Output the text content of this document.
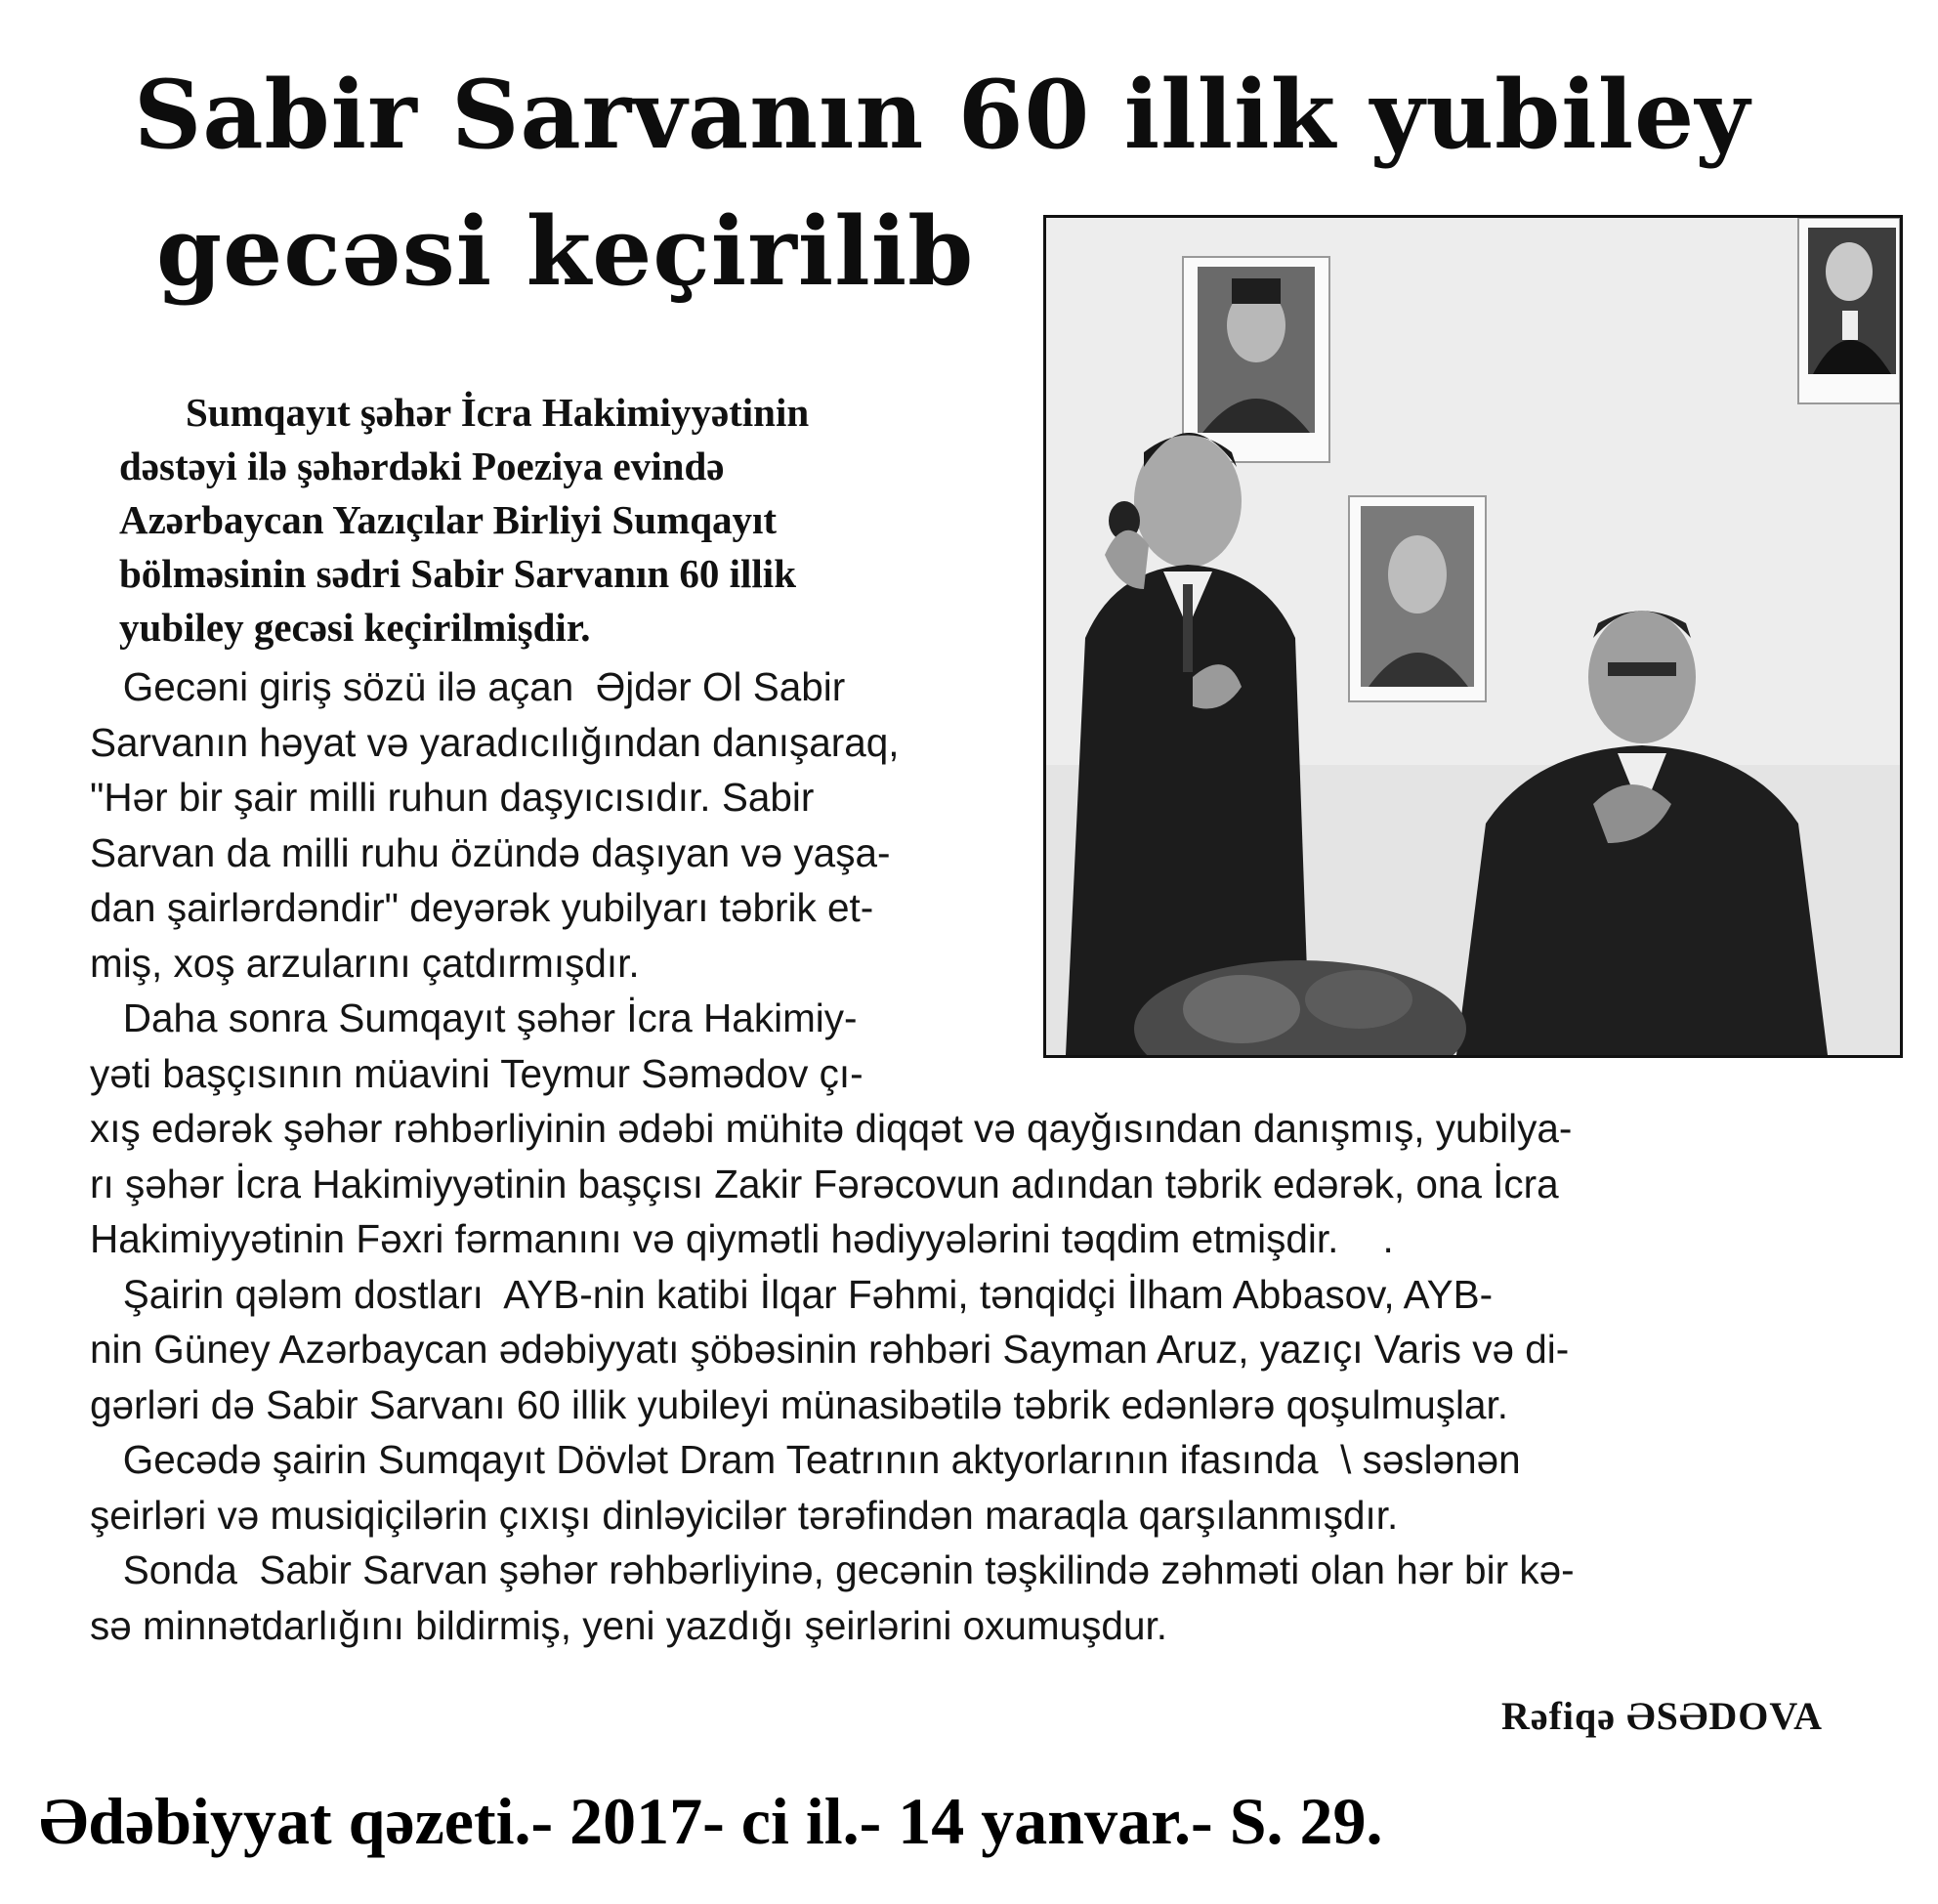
Sabir Sarvanın 60 illik yubiley
gecəsi keçirilib
Sumqayıt şəhər İcra Hakimiyyətinin
dəstəyi ilə şəhərdəki Poeziya evində
Azərbaycan Yazıçılar Birliyi Sumqayıt
bölməsinin sədri Sabir Sarvanın 60 illik
yubiley gecəsi keçirilmişdir.
Gecəni giriş sözü ilə açan  Əjdər Ol Sabir
Sarvanın həyat və yaradıcılığından danışaraq,
"Hər bir şair milli ruhun daşyıcısıdır. Sabir
Sarvan da milli ruhu özündə daşıyan və yaşa-
dan şairlərdəndir" deyərək yubilyarı təbrik et-
miş, xoş arzularını çatdırmışdır.
Daha sonra Sumqayıt şəhər İcra Hakimiy-
yəti başçısının müavini Teymur Səmədov çı-
xış edərək şəhər rəhbərliyinin ədəbi mühitə diqqət və qayğısından danışmış, yubilya-
rı şəhər İcra Hakimiyyətinin başçısı Zakir Fərəcovun adından təbrik edərək, ona İcra
Hakimiyyətinin Fəxri fərmanını və qiymətli hədiyyələrini təqdim etmişdir.    .
Şairin qələm dostları  AYB-nin katibi İlqar Fəhmi, tənqidçi İlham Abbasov, AYB-
nin Güney Azərbaycan ədəbiyyatı şöbəsinin rəhbəri Sayman Aruz, yazıçı Varis və di-
gərləri də Sabir Sarvanı 60 illik yubileyi münasibətilə təbrik edənlərə qoşulmuşlar.
Gecədə şairin Sumqayıt Dövlət Dram Teatrının aktyorlarının ifasında  \ səslənən
şeirləri və musiqiçilərin çıxışı dinləyicilər tərəfindən maraqla qarşılanmışdır.
Sonda  Sabir Sarvan şəhər rəhbərliyinə, gecənin təşkilində zəhməti olan hər bir kə-
sə minnətdarlığını bildirmiş, yeni yazdığı şeirlərini oxumuşdur.

Rəfiqə ƏSƏDOVA

Ədəbiyyat qəzeti.- 2017- ci il.- 14 yanvar.- S. 29.
